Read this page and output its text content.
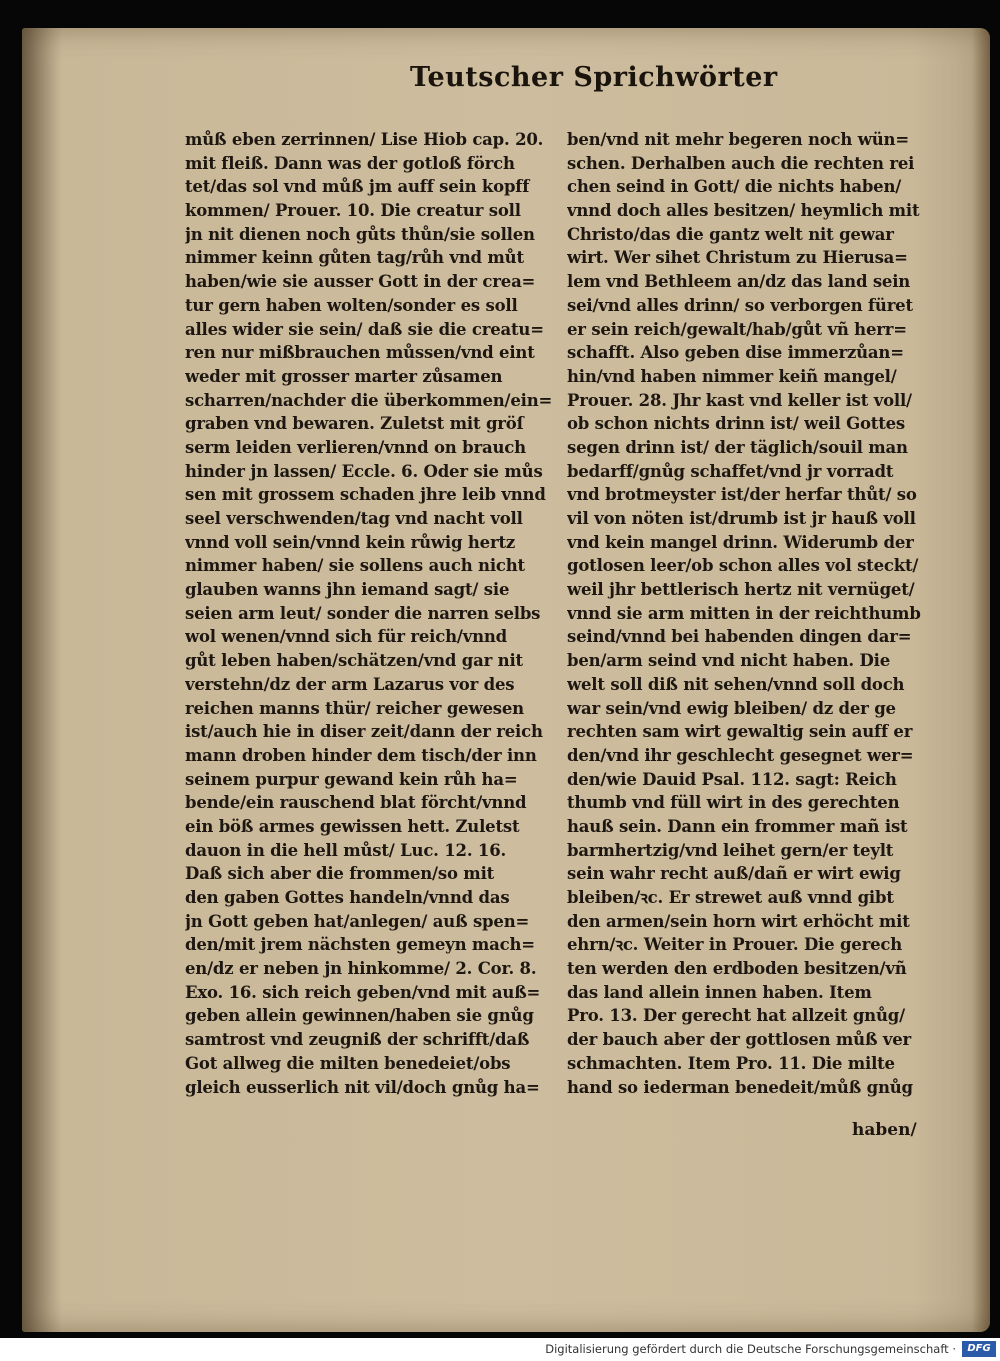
Teutscher Sprichwörter
můß eben zerrinnen/ Lise Hiob cap. 20.
mit fleiß. Dann was der gotloß förch
tet/das sol vnd můß jm auff sein kopff
kommen/ Prouer. 10. Die creatur soll
jn nit dienen noch gůts thůn/sie sollen
nimmer keinn gůten tag/růh vnd můt
haben/wie sie ausser Gott in der crea=
tur gern haben wolten/sonder es soll
alles wider sie sein/ daß sie die creatu=
ren nur mißbrauchen můssen/vnd eint
weder mit grosser marter zůsamen
scharren/nachder die überkommen/ein=
graben vnd bewaren. Zuletst mit gröſ
serm leiden verlieren/vnnd on brauch
hinder jn lassen/ Eccle. 6. Oder sie můs
sen mit grossem schaden jhre leib vnnd
seel verschwenden/tag vnd nacht voll
vnnd voll sein/vnnd kein růwig hertz
nimmer haben/ sie sollens auch nicht
glauben wanns jhn iemand sagt/ sie
seien arm leut/ sonder die narren selbs
wol wenen/vnnd sich für reich/vnnd
gůt leben haben/schätzen/vnd gar nit
verstehn/dz der arm Lazarus vor des
reichen manns thür/ reicher gewesen
ist/auch hie in diser zeit/dann der reich
mann droben hinder dem tisch/der inn
seinem purpur gewand kein růh ha=
bende/ein rauschend blat förcht/vnnd
ein böß armes gewissen hett. Zuletst
dauon in die hell můst/ Luc. 12. 16.
Daß sich aber die frommen/so mit
den gaben Gottes handeln/vnnd das
jn Gott geben hat/anlegen/ auß spen=
den/mit jrem nächsten gemeyn mach=
en/dz er neben jn hinkomme/ 2. Cor. 8.
Exo. 16. sich reich geben/vnd mit auß=
geben allein gewinnen/haben sie gnůg
samtrost vnd zeugniß der schrifft/daß
Got allweg die milten benedeiet/obs
gleich eusserlich nit vil/doch gnůg ha=
ben/vnd nit mehr begeren noch wün=
schen. Derhalben auch die rechten rei
chen seind in Gott/ die nichts haben/
vnnd doch alles besitzen/ heymlich mit
Christo/das die gantz welt nit gewar
wirt. Wer sihet Christum zu Hierusa=
lem vnd Bethleem an/dz das land sein
sei/vnd alles drinn/ so verborgen füret
er sein reich/gewalt/hab/gůt vñ herr=
schafft. Also geben dise immerzůan=
hin/vnd haben nimmer keiñ mangel/
Prouer. 28. Jhr kast vnd keller ist voll/
ob schon nichts drinn ist/ weil Gottes
segen drinn ist/ der täglich/souil man
bedarff/gnůg schaffet/vnd jr vorradt
vnd brotmeyster ist/der herfar thůt/ so
vil von nöten ist/drumb ist jr hauß voll
vnd kein mangel drinn. Widerumb der
gotlosen leer/ob schon alles vol steckt/
weil jhr bettlerisch hertz nit vernüget/
vnnd sie arm mitten in der reichthumb
seind/vnnd bei habenden dingen dar=
ben/arm seind vnd nicht haben. Die
welt soll diß nit sehen/vnnd soll doch
war sein/vnd ewig bleiben/ dz der ge
rechten sam wirt gewaltig sein auff er
den/vnd ihr geschlecht gesegnet wer=
den/wie Dauid Psal. 112. sagt: Reich
thumb vnd füll wirt in des gerechten
hauß sein. Dann ein frommer mañ ist
barmhertzig/vnd leihet gern/er teylt
sein wahr recht auß/dañ er wirt ewig
bleiben/ꝛc. Er strewet auß vnnd gibt
den armen/sein horn wirt erhöcht mit
ehrn/ꝛc. Weiter in Prouer. Die gerech
ten werden den erdboden besitzen/vñ
das land allein innen haben. Item
Pro. 13. Der gerecht hat allzeit gnůg/
der bauch aber der gottlosen můß ver
schmachten. Item Pro. 11. Die milte
hand so iederman benedeit/můß gnůg
haben/
Digitalisierung gefördert durch die Deutsche Forschungsgemeinschaft ·	DFG
